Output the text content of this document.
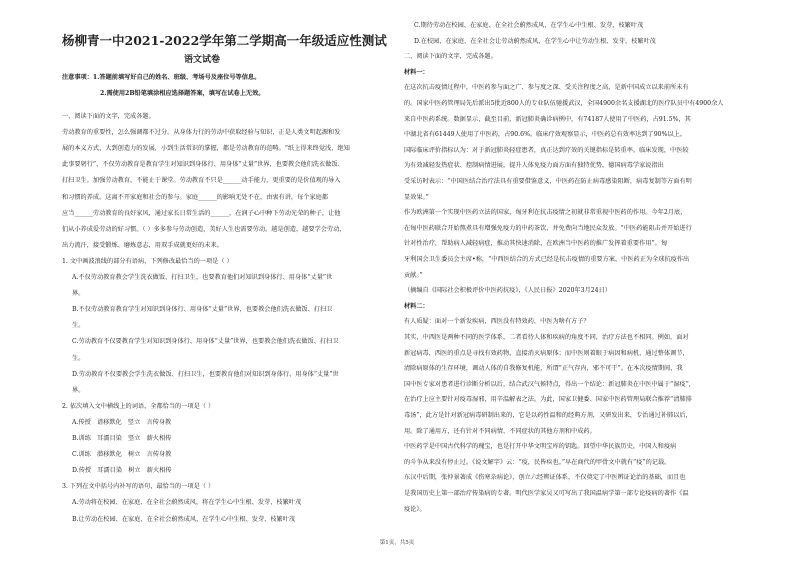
杨柳青一中2021-2022学年第二学期高一年级适应性测试
语文试卷
注意事项：1.答题前填写好自己的姓名、班级、考场号及座位号等信息。
2.需使用2B铅笔填涂相应选择题答案，填写在试卷上无效。
一、阅读下面的文字，完成各题。
劳动教育的重要性，怎么强调都不过分。从身体力行的劳动中获取经验与知识，正是人类文明起源和发
展的本义方式，大到创造力的发展，小到生活常识的掌握，都是劳动教育的范畴。“纸上得来终觉浅，绝知
此事要躬行”，不仅劳动教育是教育学生对知识到身体行、用身体“丈量”世界，也要教会他们洗衣做饭、
打扫卫生。加强劳动教育，不能止于课堂。劳动教育不只是______动手能力，更重要的是价值观的导入
和习惯的养成。这离不开家庭和社会的参与。家庭______的影响无处不在，由衷有讲，每个家庭都
应当______劳动教育的良好家风，通过家长日常生活的______，在润子心中种下劳动光荣的种子，让他
们从小养成爱劳动的好习惯。（ ）多多参与劳动创造，美好人生也需要劳动。越是创造，越要学会劳动，
出力流汗，接受锻炼、磨炼意志，用双手成就更好的未来。
1. 文中画波浪线的部分有语病，下列修改最恰当的一项是（ ）
A.不仅劳动教育教会学生洗衣做饭、打扫卫生，也要教育他们对知识到身体行、用身体“丈量”世
界。
B.不仅劳动教育教育学生对知识到身体行、用身体“丈量”世界，也要教会他们洗衣做饭、打扫卫
生。
C.劳动教育不仅要教育学生对知识到身体行、用身体“丈量”世界，也要教会他们洗衣做饭、打扫卫
生。
D.劳动教育不仅要教会学生洗衣做饭、打扫卫生，也要教育他们对知识到身体行、用身体“丈量”世
界。
2. 依次填入文中横线上的词语，全都恰当的一项是（ ）
A.传授　谱移默化　竖立　言传身教
B.训练　耳濡目染　竖立　薪火相传
C.训练　潜移默化　树立　言传身教
D.传授　耳濡目染　树立　薪火相传
3. 下列在文中括号内补写的语句，最恰当的一项是（ ）
A.劳动将在校园、在家庭、在全社会蔚然成风，将在学生心中生根、发芽、枝繁叶茂
B.让劳动在校园、在家庭、在全社会蔚然成风，在学生心中生根、发芽、枝繁叶茂
C.期待劳动在校园、在家庭、在全社会蔚然成风，在学生心中生根、发芽、枝繁叶茂
D.在校园、在家庭、在全社会让劳动蔚然成风，在学生心中让劳动生根、发芽、枝繁叶茂
二、阅读下面的文字，完成各题。
材料一：
在这次抗击疫情过程中，中医药参与面之广、参与度之深、受关注程度之高，是新中国成立以来前所未有
的。国家中医药管理局先后派出5批近800人的专业队伍驰援武汉，全国4900余名支援湖北的医疗队员中有4900余人
来自中医药系统。数据显示，截至目前，新冠肺炎确诊病例中，有74187人使用了中医药，占91.5%，其
中湖北省有61449人使用了中医药，占90.6%。临床疗效观察显示，中医药总有效率达到了90%以上。
国际临床评价指标认为：对于新冠肺炎轻症患者，真正达到疗效的关键指标是转重率。临床发现，中医较
为有效减轻发热症状、控制病情进展，提升人体免疫力面方面有独特优势，德国病毒学家说指出
受采访时表示：“中国医结合治疗法具有重要借鉴意义，中医药在防止病毒感染阻断，病毒复制等方面有明
显效果。”
作为欧洲第一个实现中医药立法的国家，匈牙利在抗击疫情之初就非常重视中医药的作用。今年2月底，
在匈中医药联合开始熬煮具有增强免疫力的中药茶饮，并免费向当地民众发放。“中医药能阻击并开始进行
针对性治疗，帮助病人减轻病症，推动其快速消除，在欧洲当中医药的推广发挥着重要作用”。匈
牙利国会卫生委员会主席•称，“中西医结合的方式已经是抗击疫情的重要方案，中医药正为全球抗疫作出
贡献。”
（摘编自《国际社会积极评价中医药抗疫》，《人民日报》2020年3月24日）
材料二：
有人质疑：面对一个新发疾病，西医没有特效药，中医为啥有方子？
其实，中西医是两种不同的医学体系，二者看待人体和疾病的角度不同，治疗方法也不相同。例如，面对
新冠病毒，西医的重点是寻找有效药物，直接消灭病原体；而中医则着眼于病因和病机，通过整体调节，
清除病原体的生存环境，调动人体的自我修复机能，所谓“正气存内，邪不可干”。在本次疫情期间，我
国中医专家对患者进行诊断分析以后，结合武汉气候特点，得出一个结论：新冠肺炎在中医中属于“湿疫”，
在治疗上应主要针对疫毒湿邪，用辛温解表之法。为此，国家卫健委、国家中医药管理局联合推荐“清肺排
毒汤”，此方是针对新冠病毒研制出来的，它是以药性温和的经典方剂，又研发出来，专治通过补肺以后，
用。除了通用方，还有针对不同病情、不同症状的其他方剂和中成药。
中医药学是中国古代科学的瑰宝，也是打开中华文明宝库的钥匙。回望中华民族历史，中国人和疫病
的斗争从来没有停止过。《说文解字》云：“疫，民皆疾也。”早在商代的甲骨文中就有“疫”的记载。
东汉中后期，张仲景著成《伤寒杂病论》，创立六经辨证体系，不仅奠定了中医辨证论治的基础，而且也
是我国历史上第一部治疗传染病的专著。明代医学家吴又可写出了我国温病学第一部专论疫病的著作《温
疫论》。
第1页，共5页
